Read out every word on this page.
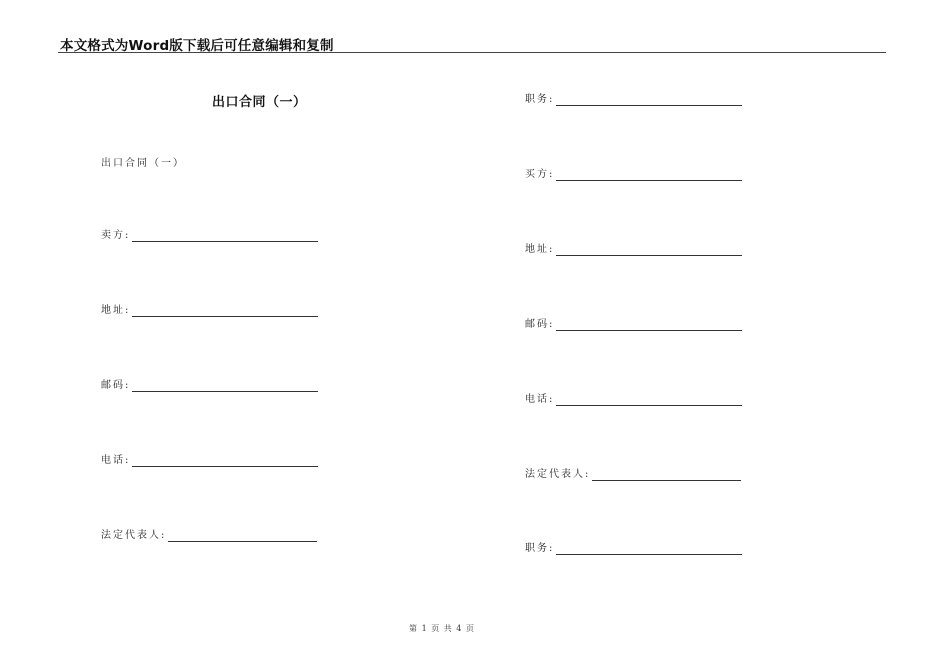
本文格式为Word版下载后可任意编辑和复制
出口合同（一）
出口合同（一）
卖方:
地址:
邮码:
电话:
法定代表人:
职务:
买方:
地址:
邮码:
电话:
法定代表人:
职务:
第 1 页 共 4 页
